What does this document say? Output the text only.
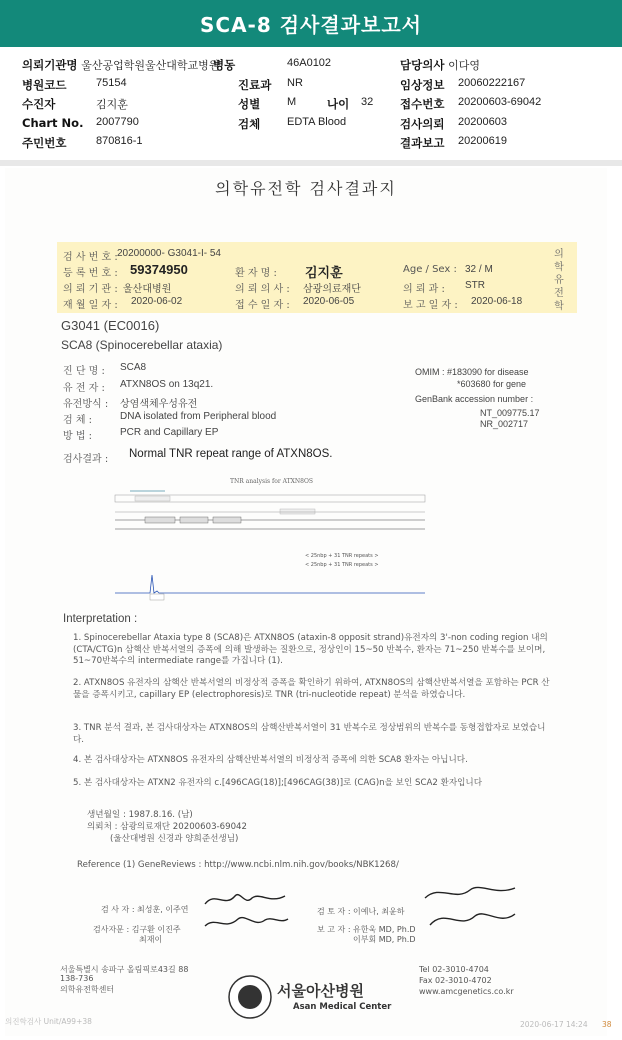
SCA-8 검사결과보고서
의뢰기관명 울산공업학원울산대학교병원
병동	46A0102	담당의사 이다영
병원코드	75154	진료과 NR	임상정보 20060222167
수진자	김지훈	성별 M	나이 32 접수번호 20200603-69042
Chart No. 2007790	검체 EDTA Blood	검사의뢰 20200603
주민번호	870816-1	결과보고 20200619
의학유전학 검사결과지
검 사 번 호 : 20200000- G3041-I- 54
등 록 번 호 : 59374950	환 자 명 : 김지훈	Age / Sex : 32 / M
의 뢰 기 관 : 울산대병원	의 뢰 의 사 : 삼광의료재단	의 뢰 과 : STR
재 월 일 자 : 2020-06-02	접 수 일 자 : 2020-06-05	보 고 일 자 : 2020-06-18
의학유전학
G3041 (EC0016)
SCA8 (Spinocerebellar ataxia)
진 단 명 : SCA8
유 전 자 : ATXN8OS on 13q21.
유전방식 : 상염색체우성유전
검 체 :	DNA isolated from Peripheral blood
방 법 :	PCR and Capillary EP
OMIM : #183090 for disease
*603680 for gene
GenBank accession number :
NT_009775.17
NR_002717
검사결과 : Normal TNR repeat range of ATXN8OS.
TNR analysis for ATXN8OS
< 25nbp + 31 TNR repeats >
< 25nbp + 31 TNR repeats >
Interpretation :
1. Spinocerebellar Ataxia type 8 (SCA8)은 ATXN8OS (ataxin-8 opposit strand)유전자의 3'-non coding region 내의 (CTA/CTG)n 삼핵산 반복서열의 증폭에 의해 발생하는 질환으로, 정상인이 15~50 반복수, 환자는 71~250 반복수를 보이며, 51~70반복수의 intermediate range를 가집니다 (1).
2. ATXN8OS 유전자의 삼핵산 반복서열의 비정상적 증폭을 확인하기 위하여, ATXN8OS의 삼핵산반복서열을 포함하는 PCR 산물을 증폭시키고, capillary EP (electrophoresis)로 TNR (tri-nucleotide repeat) 분석을 하였습니다.
3. TNR 분석 결과, 본 검사대상자는 ATXN8OS의 삼핵산반복서열이 31 반복수로 정상범위의 반복수를 동형접합자로 보였습니다.
4. 본 검사대상자는 ATXN8OS 유전자의 삼핵산반복서열의 비정상적 증폭에 의한 SCA8 환자는 아닙니다.
5. 본 검사대상자는 ATXN2 유전자의 c.[496CAG(18)];[496CAG(38)]로 (CAG)n을 보인 SCA2 환자입니다
생년월일 : 1987.8.16. (남)
의뢰처 : 삼광의료재단 20200603-69042
(울산대병원 신경과 양희준선생님)
Reference (1) GeneReviews : http://www.ncbi.nlm.nih.gov/books/NBK1268/
검 사 자 : 최성훈, 이주연
검사자문 : 김구환 이진주
최재이
검 토 자 : 이예나, 최윤하
보 고 자 : 유한욱 MD, Ph.D
이부회 MD, Ph.D
서울특별시 송파구 올림픽로43길 88
138-736
의학유전학센터	서울아산병원
Asan Medical Center
Tel 02-3010-4704
Fax 02-3010-4702
www.amcgenetics.co.kr
의진학검사 Unit/A99+38	2020-06-17 14:24 38
